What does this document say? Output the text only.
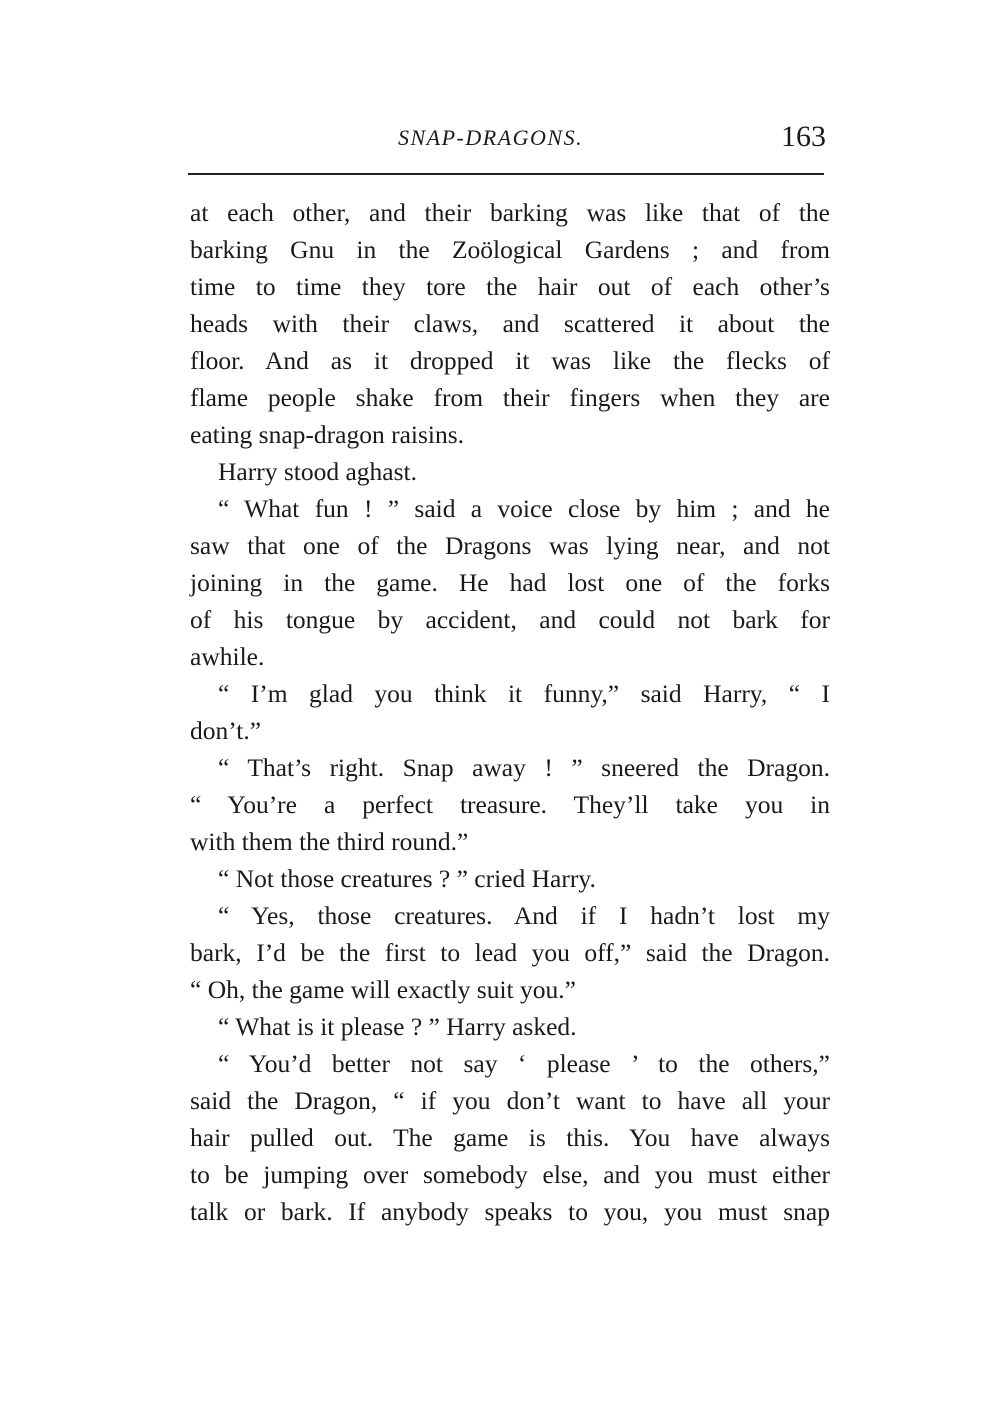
SNAP-DRAGONS.	163
at each other, and their barking was like that of the
barking Gnu in the Zoölogical Gardens ; and from
time to time they tore the hair out of each other’s
heads with their claws, and scattered it about the
floor. And as it dropped it was like the flecks of
flame people shake from their fingers when they are
eating snap-dragon raisins.
Harry stood aghast.
“ What fun ! ” said a voice close by him ; and he
saw that one of the Dragons was lying near, and not
joining in the game. He had lost one of the forks
of his tongue by accident, and could not bark for
awhile.
“ I’m glad you think it funny,” said Harry, “ I
don’t.”
“ That’s right. Snap away ! ” sneered the Dragon.
“ You’re a perfect treasure. They’ll take you in
with them the third round.”
“ Not those creatures ? ” cried Harry.
“ Yes, those creatures. And if I hadn’t lost my
bark, I’d be the first to lead you off,” said the Dragon.
“ Oh, the game will exactly suit you.”
“ What is it please ? ” Harry asked.
“ You’d better not say ‘ please ’ to the others,”
said the Dragon, “ if you don’t want to have all your
hair pulled out. The game is this. You have always
to be jumping over somebody else, and you must either
talk or bark. If anybody speaks to you, you must snap
